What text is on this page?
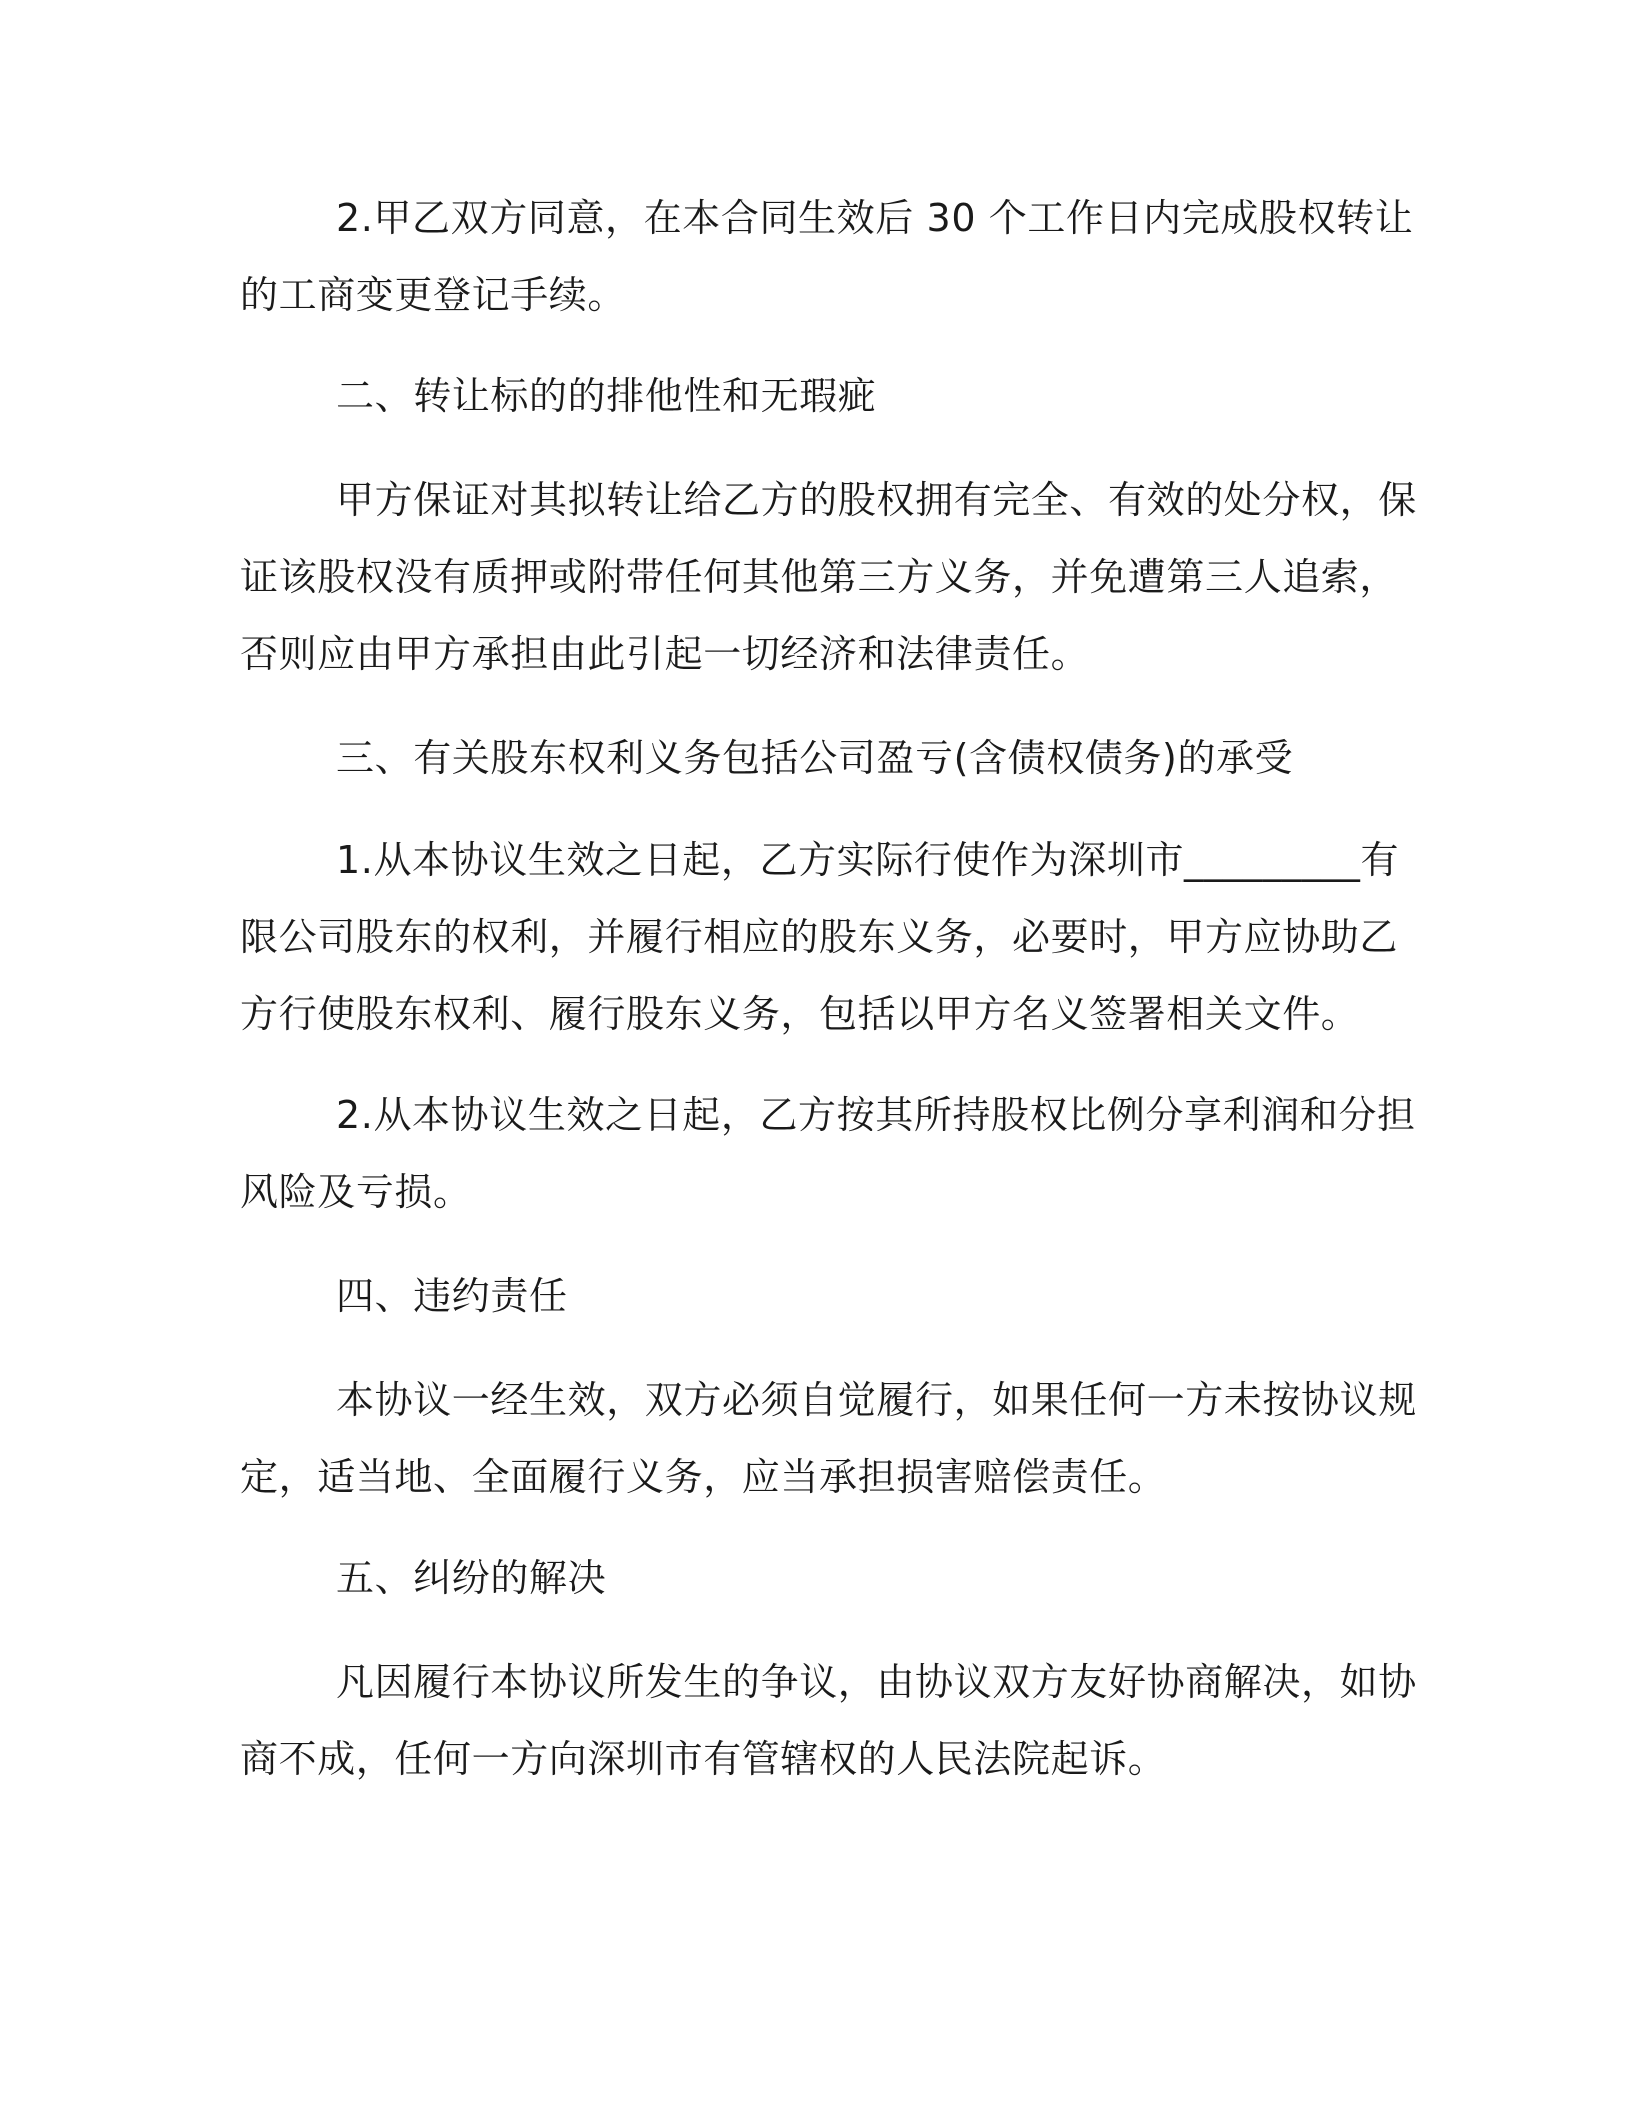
2.甲乙双方同意，在本合同生效后 30 个工作日内完成股权转让
的工商变更登记手续。

二、转让标的的排他性和无瑕疵

甲方保证对其拟转让给乙方的股权拥有完全、有效的处分权，保
证该股权没有质押或附带任何其他第三方义务，并免遭第三人追索，
否则应由甲方承担由此引起一切经济和法律责任。

三、有关股东权利义务包括公司盈亏(含债权债务)的承受

1.从本协议生效之日起，乙方实际行使作为深圳市_________有
限公司股东的权利，并履行相应的股东义务，必要时，甲方应协助乙
方行使股东权利、履行股东义务，包括以甲方名义签署相关文件。

2.从本协议生效之日起，乙方按其所持股权比例分享利润和分担
风险及亏损。

四、违约责任

本协议一经生效，双方必须自觉履行，如果任何一方未按协议规
定，适当地、全面履行义务，应当承担损害赔偿责任。

五、纠纷的解决

凡因履行本协议所发生的争议，由协议双方友好协商解决，如协
商不成，任何一方向深圳市有管辖权的人民法院起诉。
